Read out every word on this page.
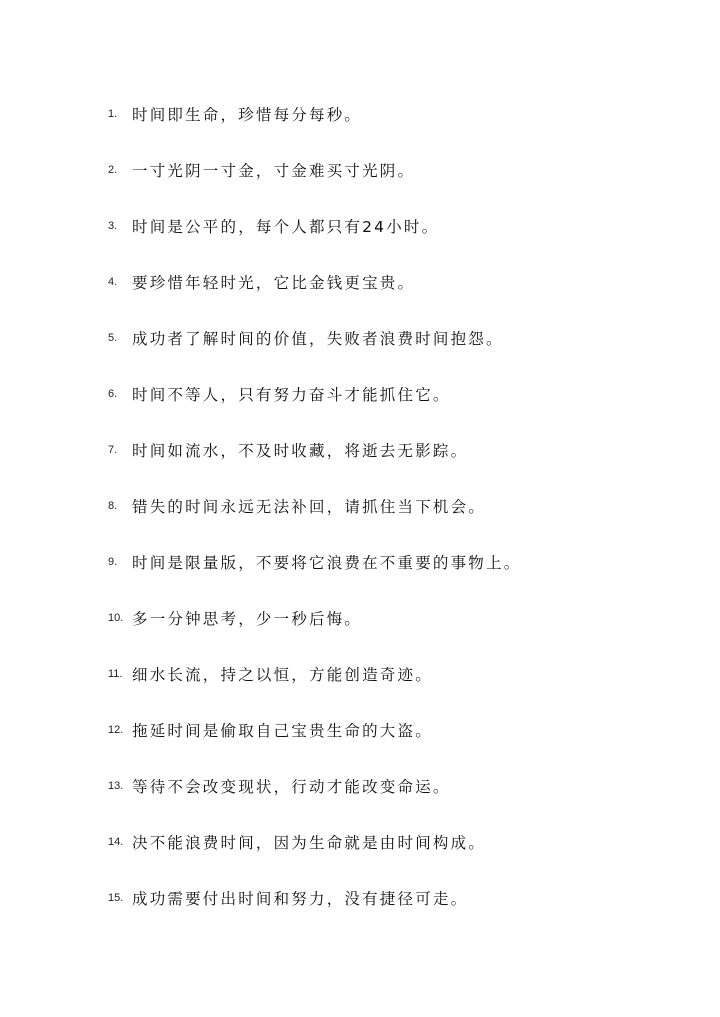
1. 时间即生命，珍惜每分每秒。
2. 一寸光阴一寸金，寸金难买寸光阴。
3. 时间是公平的，每个人都只有24小时。
4. 要珍惜年轻时光，它比金钱更宝贵。
5. 成功者了解时间的价值，失败者浪费时间抱怨。
6. 时间不等人，只有努力奋斗才能抓住它。
7. 时间如流水，不及时收藏，将逝去无影踪。
8. 错失的时间永远无法补回，请抓住当下机会。
9. 时间是限量版，不要将它浪费在不重要的事物上。
10. 多一分钟思考，少一秒后悔。
11. 细水长流，持之以恒，方能创造奇迹。
12. 拖延时间是偷取自己宝贵生命的大盗。
13. 等待不会改变现状，行动才能改变命运。
14. 决不能浪费时间，因为生命就是由时间构成。
15. 成功需要付出时间和努力，没有捷径可走。
